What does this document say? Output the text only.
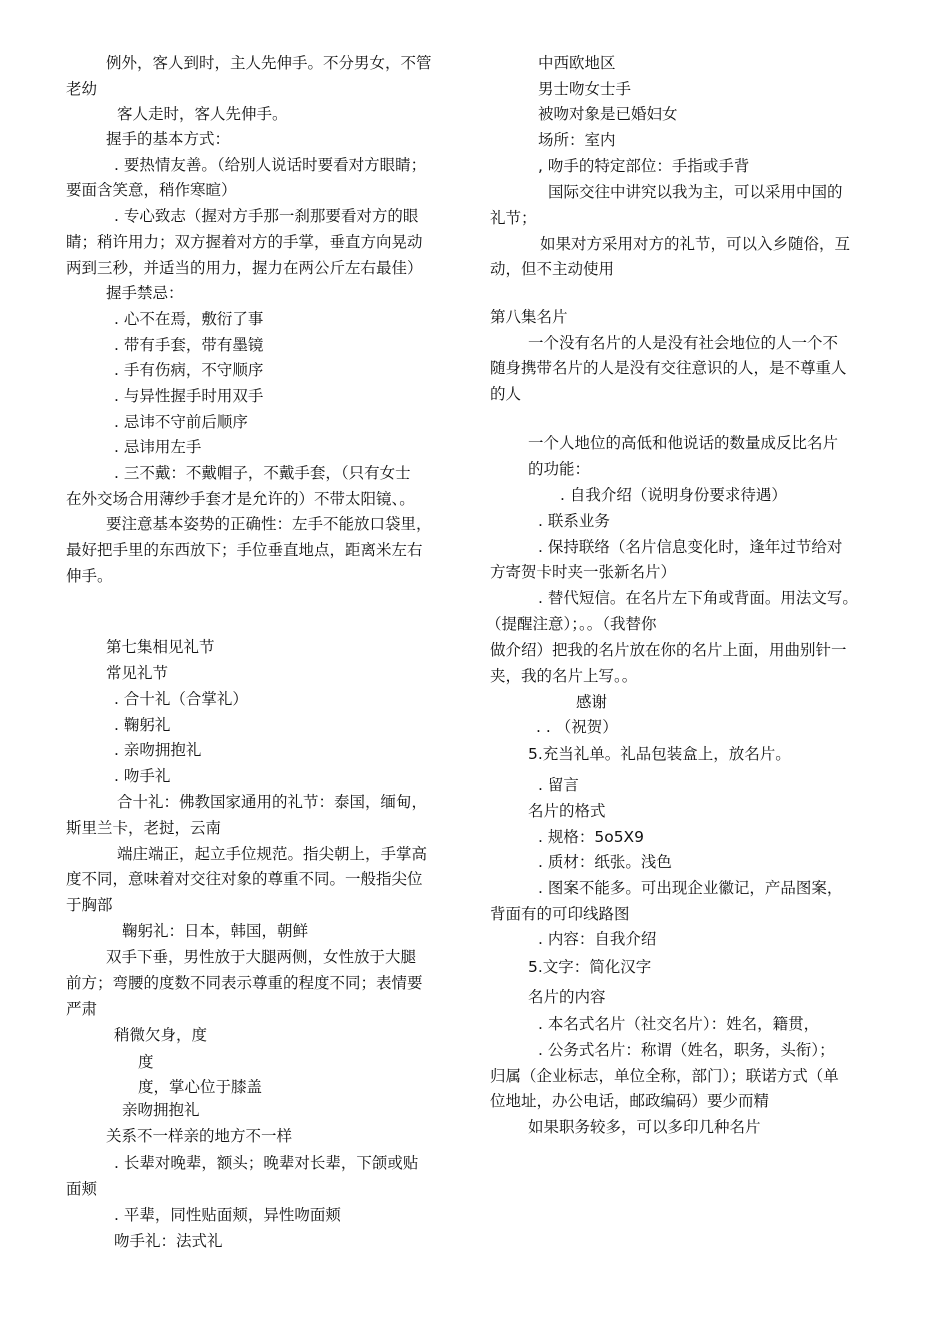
例外，客人到时，主人先伸手。不分男女，不管
老幼
客人走时，客人先伸手。
握手的基本方式：
. 要热情友善。（给别人说话时要看对方眼睛；
要面含笑意，稍作寒暄）
. 专心致志（握对方手那一刹那要看对方的眼
睛；稍许用力；双方握着对方的手掌，垂直方向晃动
两到三秒，并适当的用力，握力在两公斤左右最佳）
握手禁忌：
. 心不在焉，敷衍了事
. 带有手套，带有墨镜
. 手有伤病，不守顺序
. 与异性握手时用双手
. 忌讳不守前后顺序
. 忌讳用左手
. 三不戴：不戴帽子，不戴手套，（只有女士
在外交场合用薄纱手套才是允许的）不带太阳镜、。
要注意基本姿势的正确性：左手不能放口袋里，
最好把手里的东西放下；手位垂直地点，距离米左右
伸手。
第七集相见礼节
常见礼节
. 合十礼（合掌礼）
. 鞠躬礼
. 亲吻拥抱礼
. 吻手礼
合十礼：佛教国家通用的礼节：泰国，缅甸，
斯里兰卡，老挝，云南
端庄端正，起立手位规范。指尖朝上，手掌高
度不同，意味着对交往对象的尊重不同。一般指尖位
于胸部
鞠躬礼：日本，韩国，朝鲜
双手下垂，男性放于大腿两侧，女性放于大腿
前方；弯腰的度数不同表示尊重的程度不同；表情要
严肃
稍微欠身，度
度
度，掌心位于膝盖
亲吻拥抱礼
关系不一样亲的地方不一样
. 长辈对晚辈，额头；晚辈对长辈，下颌或贴
面颊
. 平辈，同性贴面颊，异性吻面颊
吻手礼：法式礼
中西欧地区
男士吻女士手
被吻对象是已婚妇女
场所：室内
, 吻手的特定部位：手指或手背
国际交往中讲究以我为主，可以采用中国的
礼节；
如果对方采用对方的礼节，可以入乡随俗，互
动，但不主动使用
第八集名片
一个没有名片的人是没有社会地位的人一个不
随身携带名片的人是没有交往意识的人，是不尊重人
的人
一个人地位的高低和他说话的数量成反比名片
的功能：
. 自我介绍（说明身份要求待遇）
. 联系业务
. 保持联络（名片信息变化时，逢年过节给对
方寄贺卡时夹一张新名片）
. 替代短信。在名片左下角或背面。用法文写。
（提醒注意）；。。（我替你
做介绍）把我的名片放在你的名片上面，用曲别针一
夹，我的名片上写。。
感谢
. . （祝贺）
5.充当礼单。礼品包装盒上，放名片。
. 留言
名片的格式
. 规格：5o5X9
. 质材：纸张。浅色
. 图案不能多。可出现企业徽记，产品图案，
背面有的可印线路图
. 内容：自我介绍
5.文字：简化汉字
名片的内容
. 本名式名片（社交名片）：姓名，籍贯，
. 公务式名片：称谓（姓名，职务，头衔）；
归属（企业标志，单位全称，部门）；联诺方式（单
位地址，办公电话，邮政编码）要少而精
如果职务较多，可以多印几种名片
